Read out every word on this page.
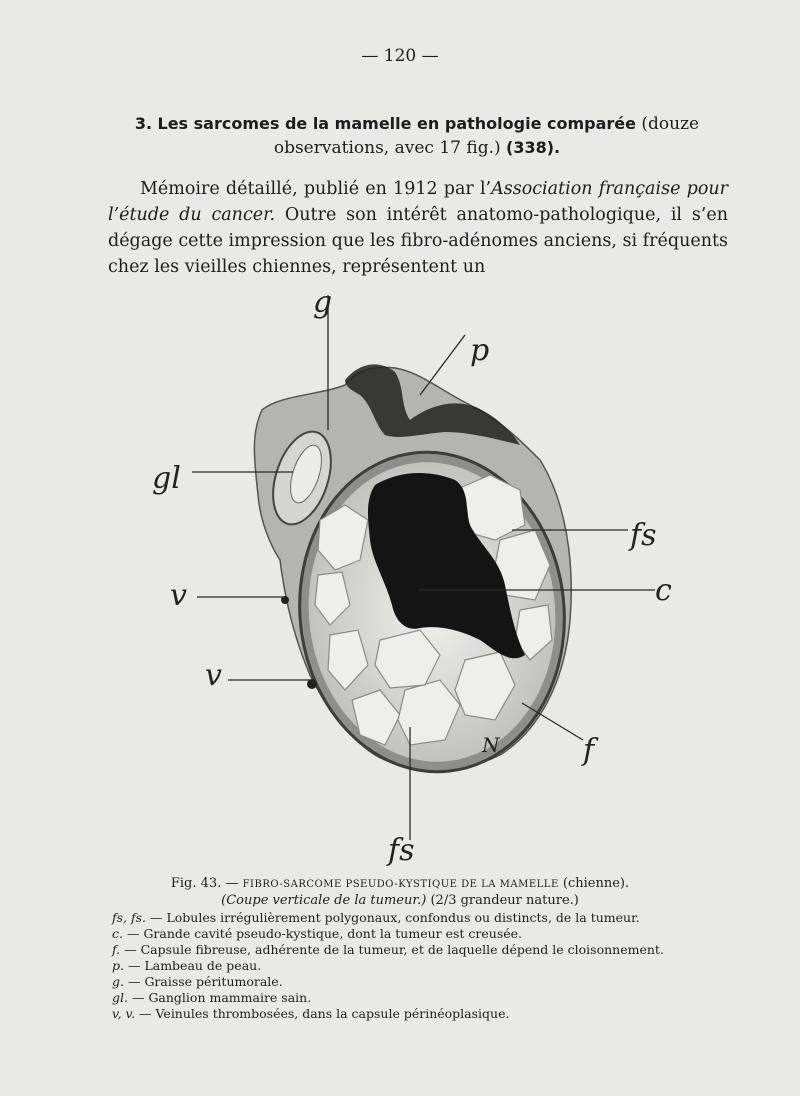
— 120 —
3. Les sarcomes de la mamelle en pathologie comparée (douze observations, avec 17 fig.) (338).
Mémoire détaillé, publié en 1912 par l’Association française pour l’étude du cancer. Outre son intérêt anatomo-pathologique, il s’en dégage cette impression que les fibro-adénomes anciens, si fréquents chez les vieilles chiennes, représentent un
g
p
gl
fs
c
v
v
f
N
fs
Fig. 43. — FIBRO-SARCOME PSEUDO-KYSTIQUE DE LA MAMELLE (chienne).
(Coupe verticale de la tumeur.) (2/3 grandeur nature.)
fs, fs. — Lobules irrégulièrement polygonaux, confondus ou distincts, de la tumeur.
c. — Grande cavité pseudo-kystique, dont la tumeur est creusée.
f. — Capsule fibreuse, adhérente de la tumeur, et de laquelle dépend le cloisonnement.
p. — Lambeau de peau.
g. — Graisse péritumorale.
gl. — Ganglion mammaire sain.
v, v. — Veinules thrombosées, dans la capsule périnéoplasique.
